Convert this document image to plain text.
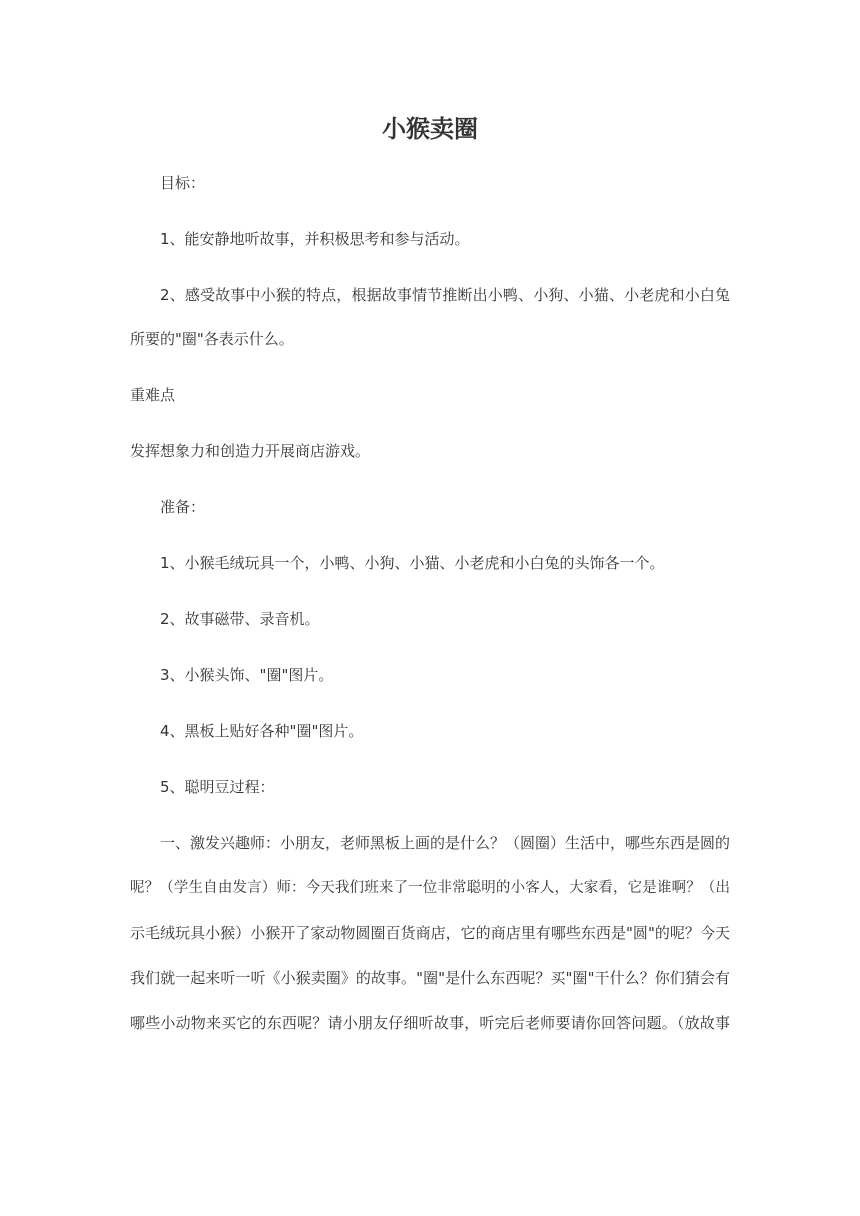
小猴卖圈

目标：

1、能安静地听故事，并积极思考和参与活动。

2、感受故事中小猴的特点，根据故事情节推断出小鸭、小狗、小猫、小老虎和小白兔

所要的"圈"各表示什么。

重难点

发挥想象力和创造力开展商店游戏。

准备：

1、小猴毛绒玩具一个，小鸭、小狗、小猫、小老虎和小白兔的头饰各一个。

2、故事磁带、录音机。

3、小猴头饰、"圈"图片。

4、黑板上贴好各种"圈"图片。

5、聪明豆过程：

一、激发兴趣师：小朋友，老师黑板上画的是什么？（圆圈）生活中，哪些东西是圆的

呢？（学生自由发言）师：今天我们班来了一位非常聪明的小客人，大家看，它是谁啊？（出

示毛绒玩具小猴）小猴开了家动物圆圈百货商店，它的商店里有哪些东西是"圆"的呢？今天

我们就一起来听一听《小猴卖圈》的故事。"圈"是什么东西呢？买"圈"干什么？你们猜会有

哪些小动物来买它的东西呢？请小朋友仔细听故事，听完后老师要请你回答问题。（放故事
